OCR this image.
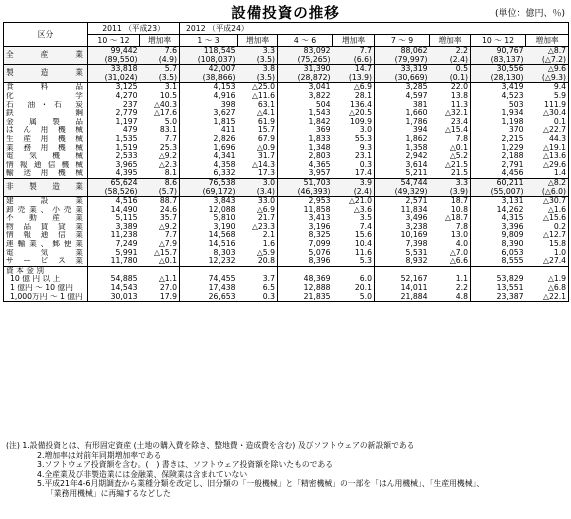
設備投資の推移	(単位：億円、％)
区分	2011 （平成23）		2012 （平成24）							
	10 ～ 12	増加率	1 ～ 3	増加率	4 ～ 6	増加率	7 ～ 9	増加率	10 ～ 12	増加率
全 産 業	99,442	7.6	118,545	3.3	83,092	7.7	88,062	2.2	90,767	△8.7
	(89,550)	(4.9)	(108,037)	(3.5)	(75,265)	(6.6)	(79,997)	(2.4)	(83,137)	(△7.2)
製 造 業	33,818	5.7	42,007	3.8	31,390	14.7	33,319	0.5	30,556	△9.6
	(31,024)	(3.5)	(38,866)	(3.5)	(28,872)	(13.9)	(30,669)	(0.1)	(28,130)	(△9.3)
食 料 品	3,125	3.1	4,153	△25.0	3,041	△6.9	3,285	22.0	3,419	9.4
化 学	4,270	10.5	4,916	△11.6	3,822	28.1	4,597	13.8	4,523	5.9
石 油・石 炭	237	△40.3	398	63.1	504	136.4	381	11.3	503	111.9
鉄 鋼	2,779	△17.6	3,627	△4.1	1,543	△20.5	1,660	△32.1	1,934	△30.4
金 属 製 品	1,197	5.0	1,815	61.9	1,842	109.9	1,786	23.4	1,198	0.1
は ん 用 機 械	479	83.1	411	15.7	369	3.0	394	△15.4	370	△22.7
生 産 用 機 械	1,535	7.7	2,826	67.9	1,833	55.3	1,862	7.8	2,215	44.3
業 務 用 機 械	1,519	25.3	1,696	△0.9	1,348	9.3	1,358	△0.1	1,229	△19.1
電 気 機 械	2,533	△9.2	4,341	31.7	2,803	23.1	2,942	△5.2	2,188	△13.6
情報通信機械	3,965	△2.3	4,358	△14.3	4,365	0.3	3,614	△21.5	2,791	△29.6
輸 送 用 機 械	4,395	8.1	6,332	17.3	3,957	17.4	5,211	21.5	4,456	1.4
非 製 造 業	65,624	8.6	76,538	3.0	51,703	3.9	54,744	3.3	60,211	△8.2
	(58,526)	(5.7)	(69,172)	(3.4)	(46,393)	(2.4)	(49,329)	(3.9)	(55,007)	(△6.0)
建 設 業	4,516	88.7	3,843	33.0	2,953	△21.0	2,571	18.7	3,131	△30.7
卸売業、小売業	14,490	24.6	12,088	△6.9	11,858	△3.6	11,834	10.8	14,262	△1.6
不 動 産 業	5,115	35.7	5,810	21.7	3,413	3.5	3,496	△18.7	4,315	△15.6
物 品 賃 貸 業	3,389	△9.2	3,190	△23.3	3,196	7.4	3,238	7.8	3,396	0.2
情 報 通 信 業	11,238	7.7	14,568	2.1	8,325	15.6	10,169	13.0	9,809	△12.7
運輸業、郵便業	7,249	△7.9	14,516	1.6	7,099	10.4	7,398	4.0	8,390	15.8
電 気 業	5,991	△15.7	8,303	△5.9	5,076	11.6	5,531	△7.0	6,053	1.0
サ ー ビ ス 業	11,780	△0.1	12,232	20.8	8,396	5.3	8,932	△6.6	8,555	△27.4
資 本 金 別										
10 億 円 以 上	54,885	△1.1	74,455	3.7	48,369	6.0	52,167	1.1	53,829	△1.9
1 億円 ～ 10 億円	14,543	27.0	17,438	6.5	12,888	20.1	14,011	2.2	13,551	△6.8
1,000万円 ～ 1 億円	30,013	17.9	26,653	0.3	21,835	5.0	21,884	4.8	23,387	△22.1
(注) 1.設備投資とは、有形固定資産 (土地の購入費を除き、整地費・造成費を含む) 及びソフトウェアの新設額である
2.増加率は対前年同期増加率である
3.ソフトウェア投資額を含む。(　) 書きは、ソフトウェア投資額を除いたものである
4.全産業及び非製造業には金融業、保険業は含まれていない
5.平成21年4-6月期調査から業種分類を改定し、旧分類の「一般機械」と「精密機械」の一部を「はん用機械」、「生産用機械」、
「業務用機械」に再編するなどした
